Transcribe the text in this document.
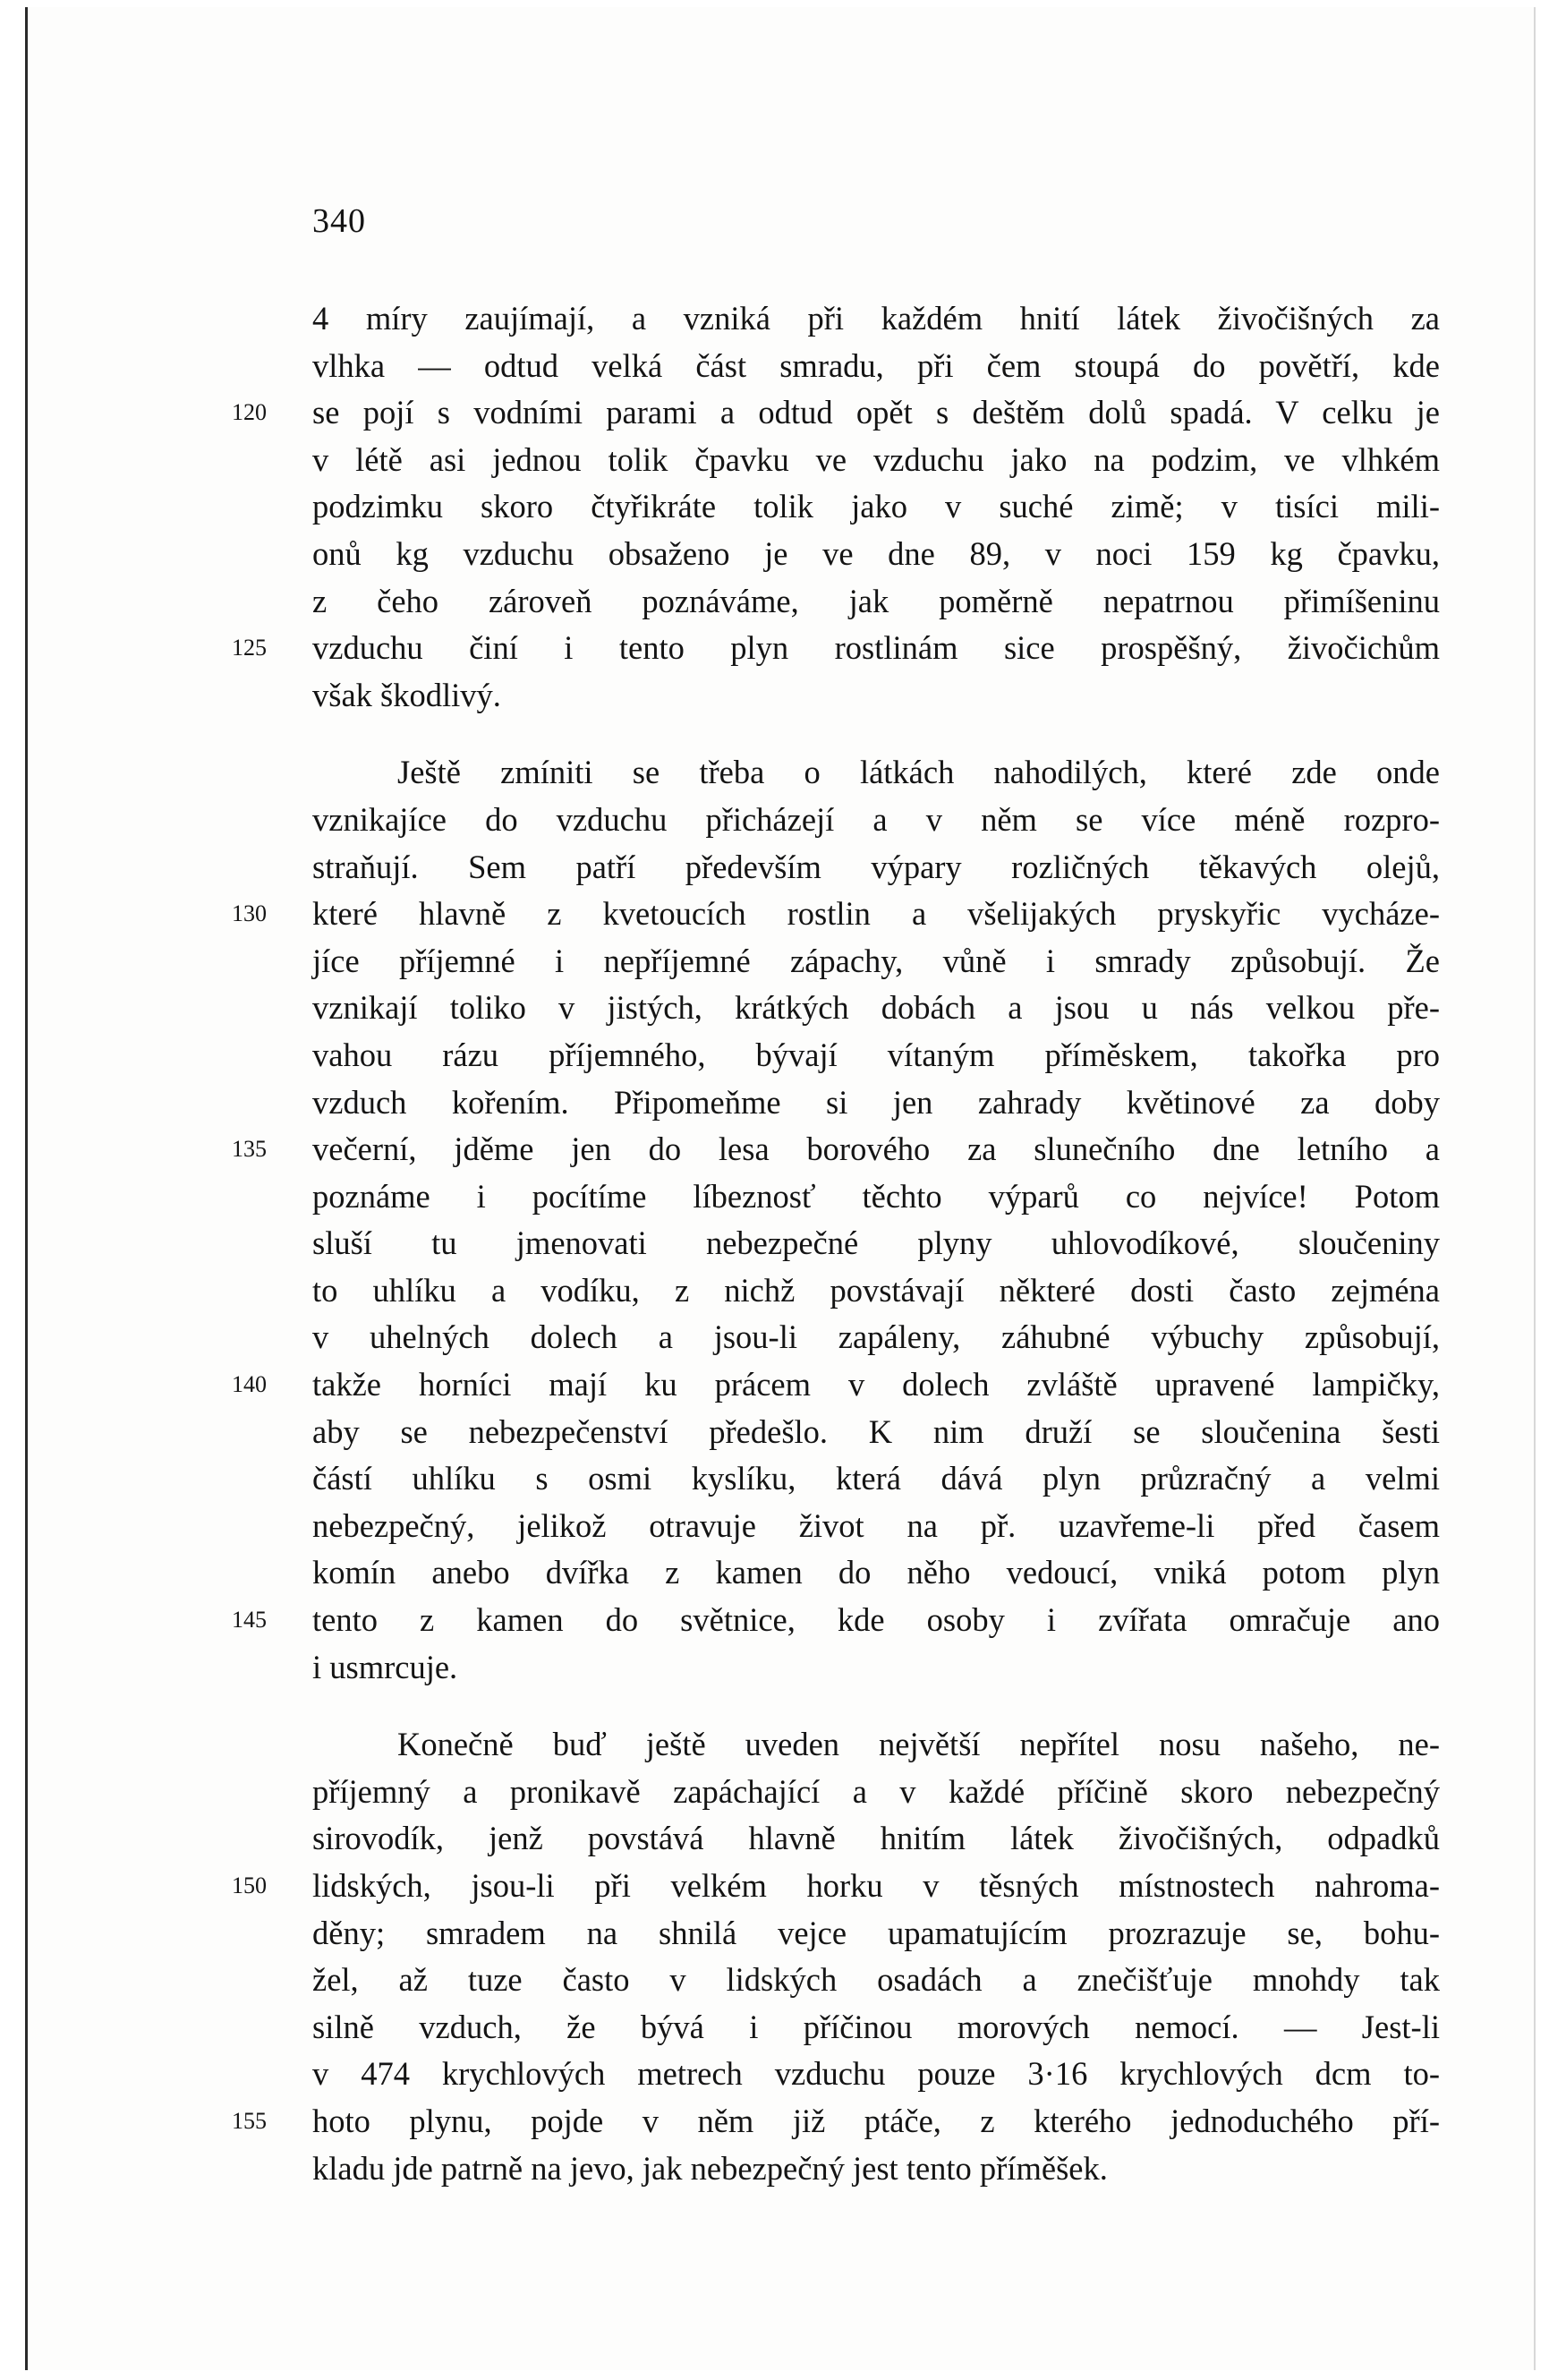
340
4 míry zaujímají, a vzniká při každém hnití látek živočišných za
vlhka — odtud velká část smradu, při čem stoupá do povětří, kde
se pojí s vodními parami a odtud opět s deštěm dolů spadá. V celku je
120
v létě asi jednou tolik čpavku ve vzduchu jako na podzim, ve vlhkém
podzimku skoro čtyřikráte tolik jako v suché zimě; v tisíci mili-
onů kg vzduchu obsaženo je ve dne 89, v noci 159 kg čpavku,
z čeho zároveň poznáváme, jak poměrně nepatrnou přimíšeninu
vzduchu činí i tento plyn rostlinám sice prospěšný, živočichům
125
však škodlivý.
Ještě zmíniti se třeba o látkách nahodilých, které zde onde
vznikajíce do vzduchu přicházejí a v něm se více méně rozpro-
straňují. Sem patří především výpary rozličných těkavých olejů,
které hlavně z kvetoucích rostlin a všelijakých pryskyřic vycháze-
130
jíce příjemné i nepříjemné zápachy, vůně i smrady způsobují. Že
vznikají toliko v jistých, krátkých dobách a jsou u nás velkou pře-
vahou rázu příjemného, bývají vítaným příměskem, takořka pro
vzduch kořením. Připomeňme si jen zahrady květinové za doby
večerní, jděme jen do lesa borového za slunečního dne letního a
135
poznáme i pocítíme líbeznosť těchto výparů co nejvíce! Potom
sluší tu jmenovati nebezpečné plyny uhlovodíkové, sloučeniny
to uhlíku a vodíku, z nichž povstávají některé dosti často zejména
v uhelných dolech a jsou-li zapáleny, záhubné výbuchy způsobují,
takže horníci mají ku prácem v dolech zvláště upravené lampičky,
140
aby se nebezpečenství předešlo. K nim druží se sloučenina šesti
částí uhlíku s osmi kyslíku, která dává plyn průzračný a velmi
nebezpečný, jelikož otravuje život na př. uzavřeme-li před časem
komín anebo dvířka z kamen do něho vedoucí, vniká potom plyn
tento z kamen do světnice, kde osoby i zvířata omračuje ano
145
i usmrcuje.
Konečně buď ještě uveden největší nepřítel nosu našeho, ne-
příjemný a pronikavě zapáchající a v každé příčině skoro nebezpečný
sirovodík, jenž povstává hlavně hnitím látek živočišných, odpadků
lidských, jsou-li při velkém horku v těsných místnostech nahroma-
150
děny; smradem na shnilá vejce upamatujícím prozrazuje se, bohu-
žel, až tuze často v lidských osadách a znečišťuje mnohdy tak
silně vzduch, že bývá i příčinou morových nemocí. — Jest-li
v 474 krychlových metrech vzduchu pouze 3·16 krychlových dcm to-
hoto plynu, pojde v něm již ptáče, z kterého jednoduchého pří-
155
kladu jde patrně na jevo, jak nebezpečný jest tento příměšek.
